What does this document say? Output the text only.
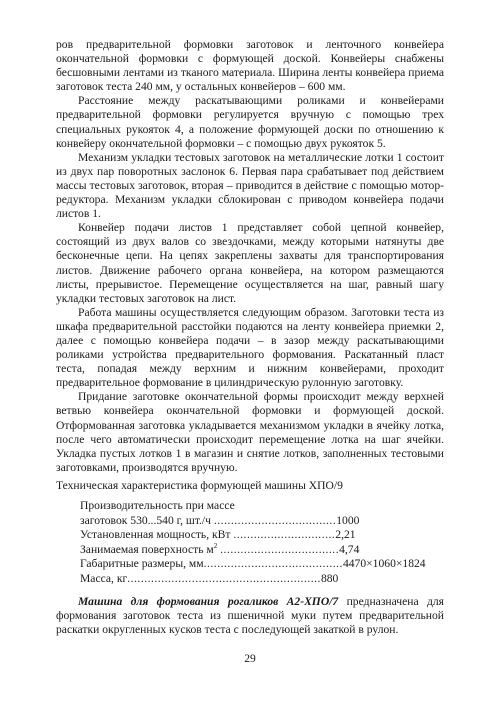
ров предварительной формовки заготовок и ленточного конвейера окончательной формовки с формующей доской. Конвейеры снабжены бесшовными лентами из тканого материала. Ширина ленты конвейера приема заготовок теста 240 мм, у остальных конвейеров – 600 мм.

Расстояние между раскатывающими роликами и конвейерами предварительной формовки регулируется вручную с помощью трех специальных рукояток 4, а положение формующей доски по отношению к конвейеру окончательной формовки – с помощью двух рукояток 5.

Механизм укладки тестовых заготовок на металлические лотки 1 состоит из двух пар поворотных заслонок 6. Первая пара срабатывает под действием массы тестовых заготовок, вторая – приводится в действие с помощью мотор-редуктора. Механизм укладки сблокирован с приводом конвейера подачи листов 1.

Конвейер подачи листов 1 представляет собой цепной конвейер, состоящий из двух валов со звездочками, между которыми натянуты две бесконечные цепи. На цепях закреплены захваты для транспортирования листов. Движение рабочего органа конвейера, на котором размещаются листы, прерывистое. Перемещение осуществляется на шаг, равный шагу укладки тестовых заготовок на лист.

Работа машины осуществляется следующим образом. Заготовки теста из шкафа предварительной расстойки подаются на ленту конвейера приемки 2, далее с помощью конвейера подачи – в зазор между раскатывающими роликами устройства предварительного формования. Раскатанный пласт теста, попадая между верхним и нижним конвейерами, проходит предварительное формование в цилиндрическую рулонную заготовку.

Придание заготовке окончательной формы происходит между верхней ветвью конвейера окончательной формовки и формующей доской. Отформованная заготовка укладывается механизмом укладки в ячейку лотка, после чего автоматически происходит перемещение лотка на шаг ячейки. Укладка пустых лотков 1 в магазин и снятие лотков, заполненных тестовыми заготовками, производятся вручную.

Техническая характеристика формующей машины ХПО/9

Производительность при массе
заготовок 530...540 г, шт./ч ....................................1000
Установленная мощность, кВт ..............................2,21
Занимаемая поверхность $м^2$ ...................................4,74
Габаритные размеры, мм.........................................4470×1060×1824
Масса, кг.........................................................880

Машина для формования рогаликов А2-ХПО/7 предназначена для формования заготовок теста из пшеничной муки путем предварительной раскатки округленных кусков теста с последующей закаткой в рулон.

29
